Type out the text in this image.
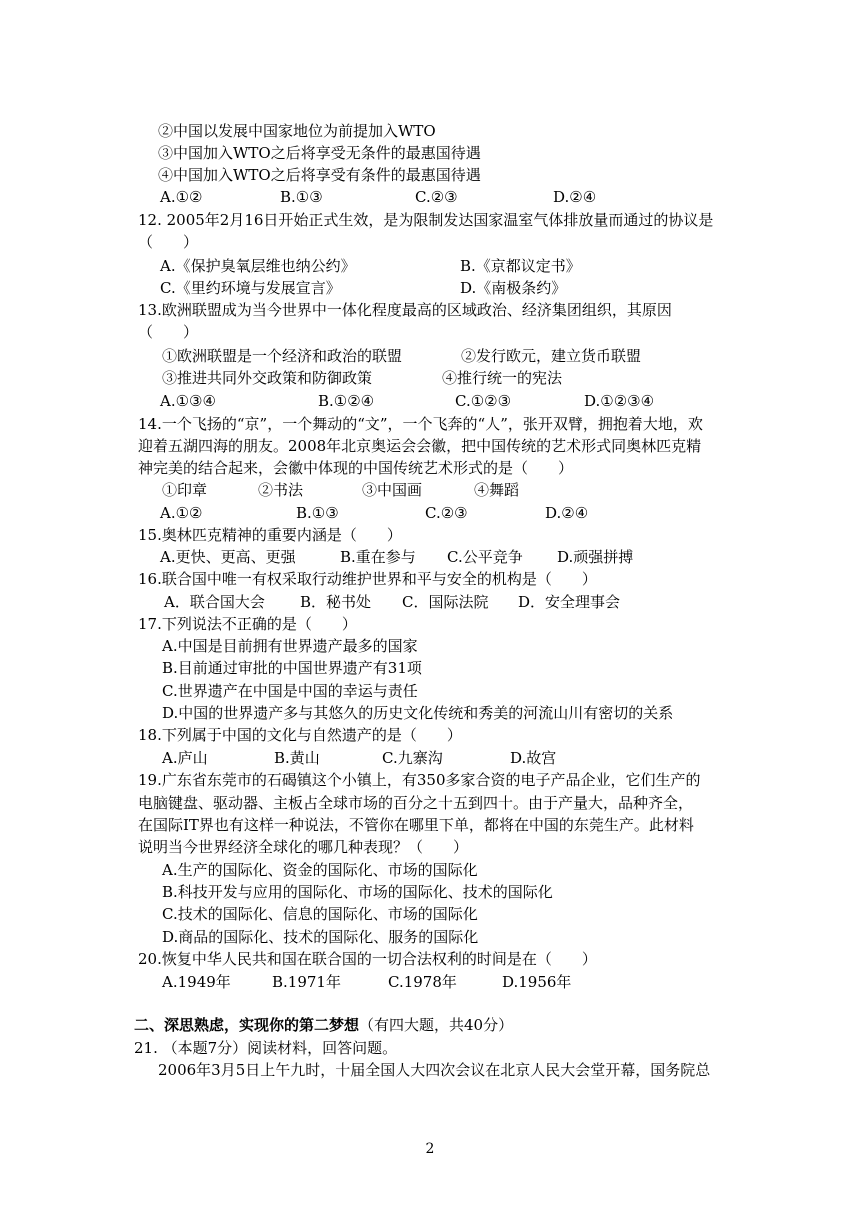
②中国以发展中国家地位为前提加入WTO
③中国加入WTO之后将享受无条件的最惠国待遇
④中国加入WTO之后将享受有条件的最惠国待遇
A.①②	B.①③	C.②③	D.②④
12. 2005年2月16日开始正式生效，是为限制发达国家温室气体排放量而通过的协议是
（　　）
A.《保护臭氧层维也纳公约》	B.《京都议定书》
C.《里约环境与发展宣言》	D.《南极条约》
13.欧洲联盟成为当今世界中一体化程度最高的区域政治、经济集团组织，其原因
（　　）
①欧洲联盟是一个经济和政治的联盟	②发行欧元，建立货币联盟
③推进共同外交政策和防御政策	④推行统一的宪法
A.①③④	B.①②④	C.①②③	D.①②③④
14.一个飞扬的“京”，一个舞动的“文”，一个飞奔的“人”，张开双臂，拥抱着大地，欢
迎着五湖四海的朋友。2008年北京奥运会会徽，把中国传统的艺术形式同奥林匹克精
神完美的结合起来，会徽中体现的中国传统艺术形式的是（　　）
①印章	②书法	③中国画	④舞蹈
A.①②	B.①③	C.②③	D.②④
15.奥林匹克精神的重要内涵是（　　）
A.更快、更高、更强	B.重在参与 C.公平竞争 D.顽强拼搏
16.联合国中唯一有权采取行动维护世界和平与安全的机构是（　　）
A．联合国大会 B．秘书处 C．国际法院 D．安全理事会
17.下列说法不正确的是（　　）
A.中国是目前拥有世界遗产最多的国家
B.目前通过审批的中国世界遗产有31项
C.世界遗产在中国是中国的幸运与责任
D.中国的世界遗产多与其悠久的历史文化传统和秀美的河流山川有密切的关系
18.下列属于中国的文化与自然遗产的是（　　）
A.庐山	B.黄山	C.九寨沟	D.故宫
19.广东省东莞市的石碣镇这个小镇上，有350多家合资的电子产品企业，它们生产的
电脑键盘、驱动器、主板占全球市场的百分之十五到四十。由于产量大，品种齐全，
在国际IT界也有这样一种说法，不管你在哪里下单，都将在中国的东莞生产。此材料
说明当今世界经济全球化的哪几种表现？（　　）
A.生产的国际化、资金的国际化、市场的国际化
B.科技开发与应用的国际化、市场的国际化、技术的国际化
C.技术的国际化、信息的国际化、市场的国际化
D.商品的国际化、技术的国际化、服务的国际化
20.恢复中华人民共和国在联合国的一切合法权利的时间是在（　　）
A.1949年	B.1971年	C.1978年	D.1956年
二、深思熟虑，实现你的第二梦想（有四大题，共40分）
21. （本题7分）阅读材料，回答问题。
2006年3月5日上午九时，十届全国人大四次会议在北京人民大会堂开幕，国务院总
2
